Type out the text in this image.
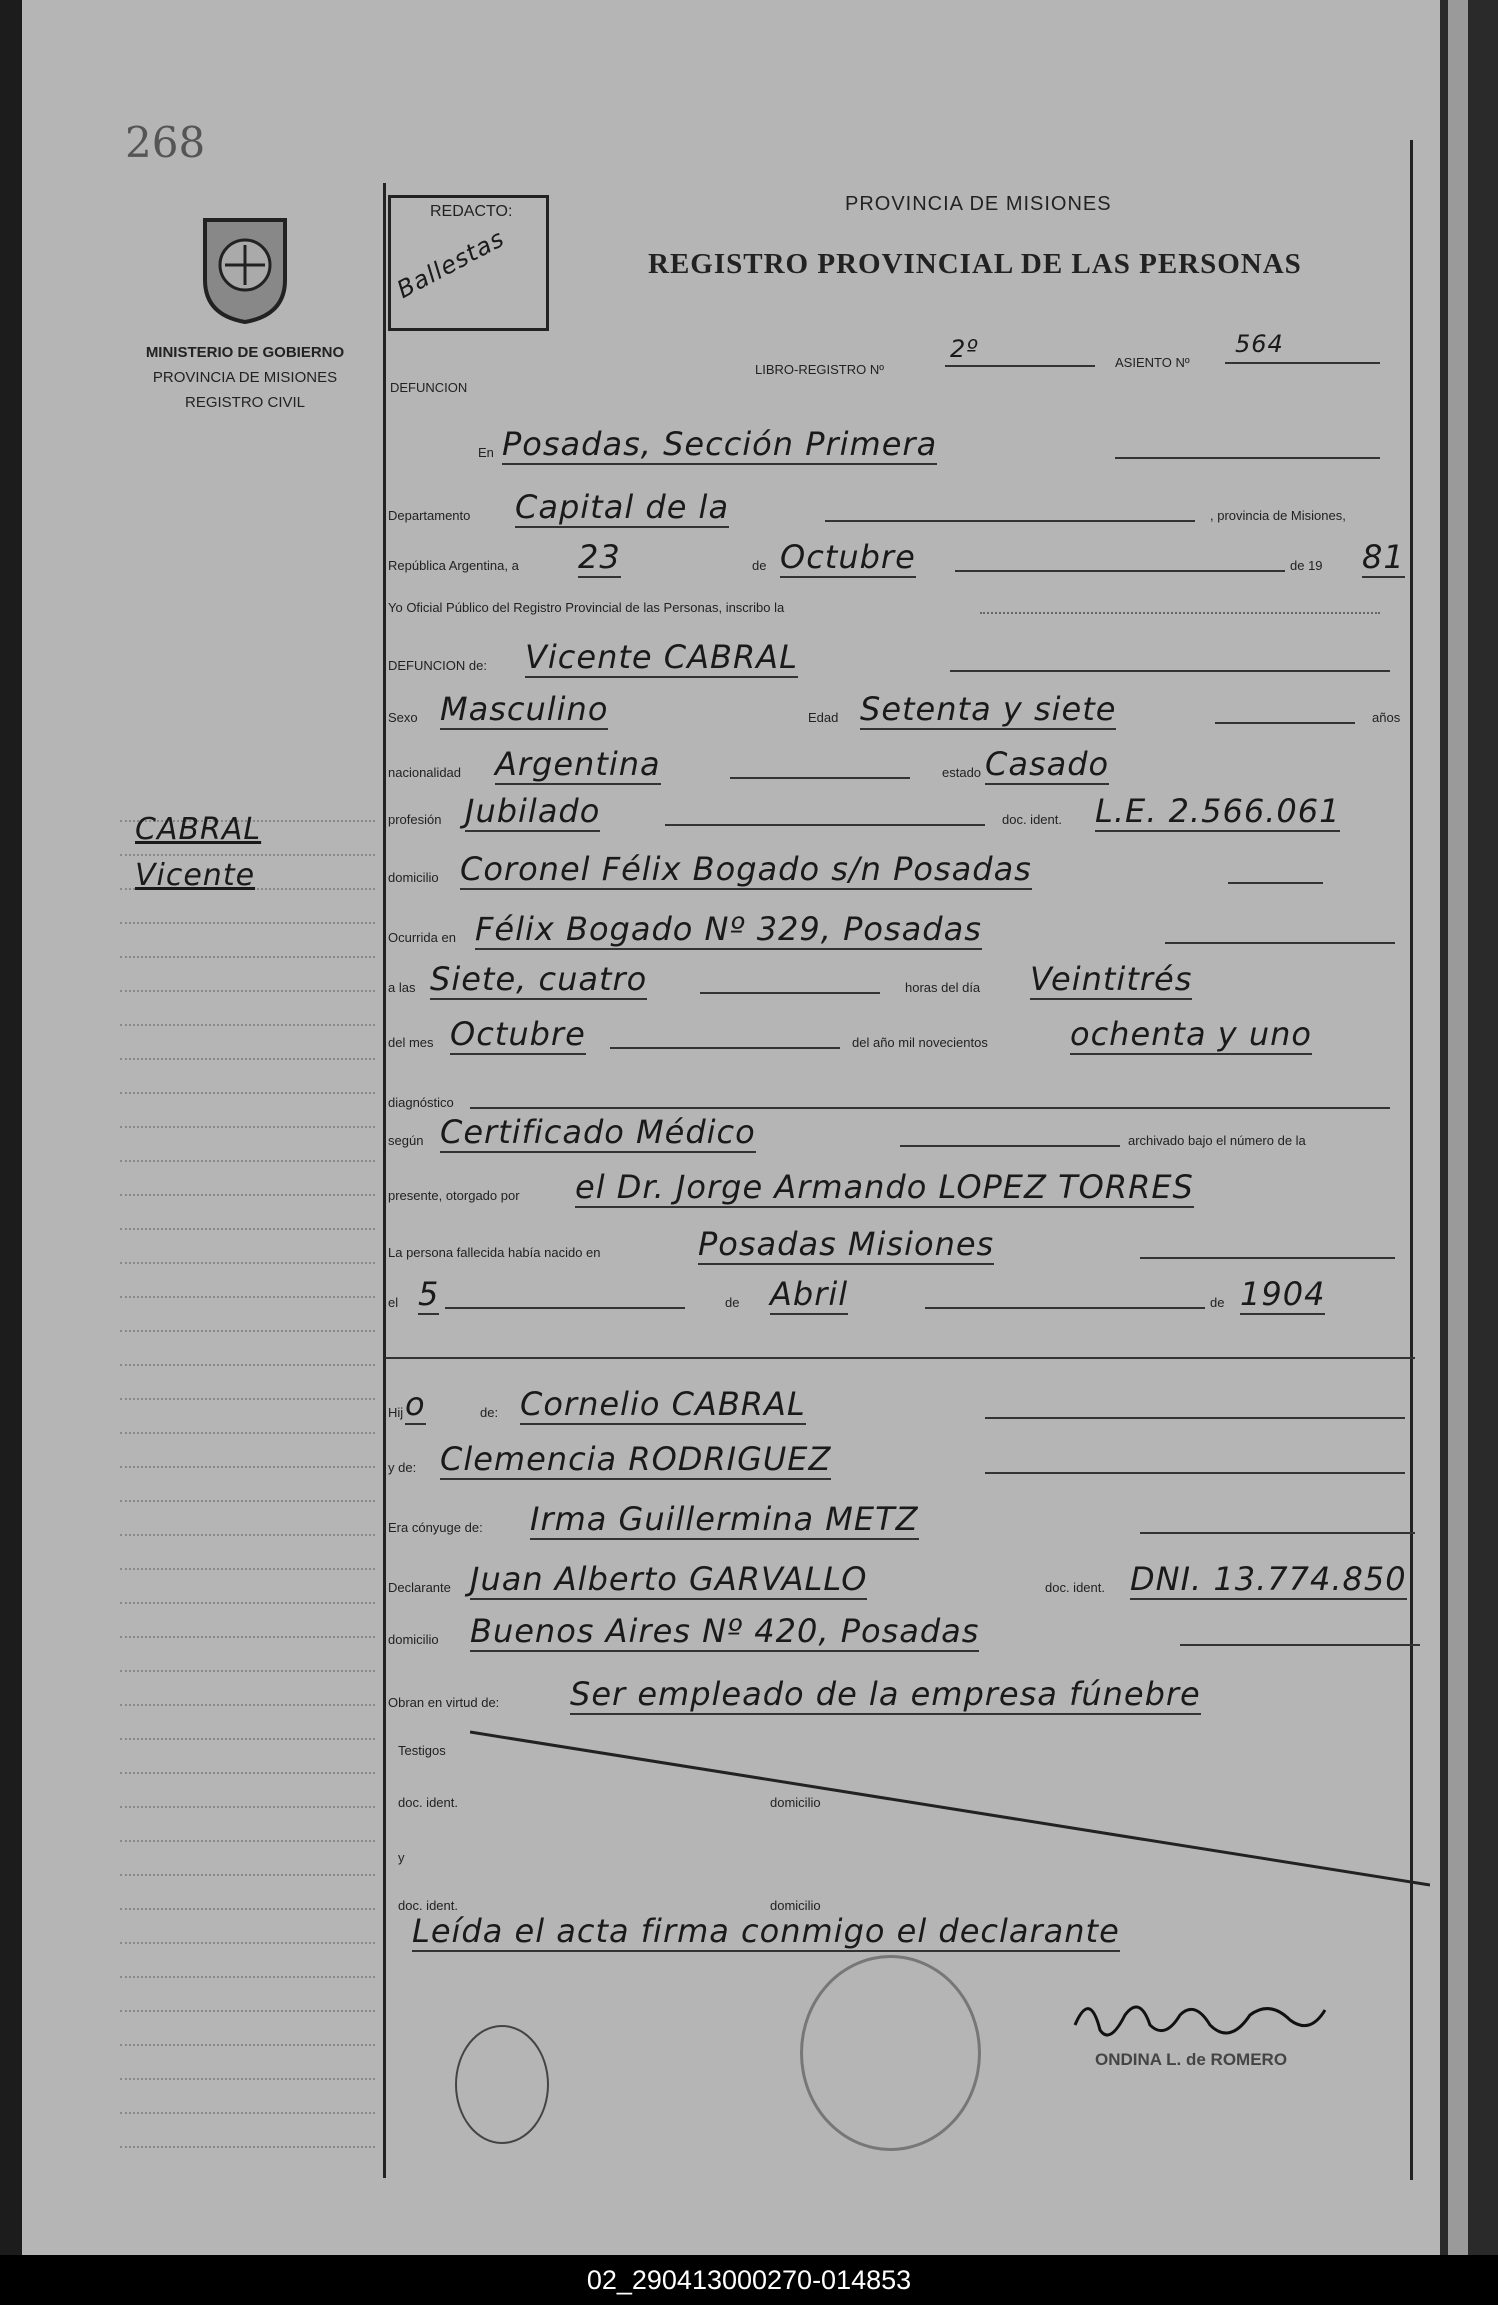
268
MINISTERIO DE GOBIERNO
PROVINCIA DE MISIONES
REGISTRO CIVIL
CABRAL
Vicente
REDACTO:
Ballestas
PROVINCIA DE MISIONES
REGISTRO PROVINCIAL DE LAS PERSONAS
LIBRO-REGISTRO Nº
2º	ASIENTO Nº
564
DEFUNCION
En Posadas, Sección Primera
Departamento Capital de la	, provincia de Misiones,
República Argentina, a 23	de Octubre	de 19 81
Yo Oficial Público del Registro Provincial de las Personas, inscribo la
DEFUNCION de: Vicente CABRAL
Sexo Masculino	Edad Setenta y siete	años
nacionalidad Argentina	estado Casado
profesión Jubilado	doc. ident. L.E. 2.566.061
domicilio Coronel Félix Bogado s/n Posadas
Ocurrida en Félix Bogado Nº 329, Posadas
a las Siete, cuatro	horas del día Veintitrés
del mes Octubre	del año mil novecientos	ochenta y uno
diagnóstico
según Certificado Médico	archivado bajo el número de la
presente, otorgado por el Dr. Jorge Armando LOPEZ TORRES
La persona fallecida había nacido en	Posadas Misiones
el 5	de Abril	de 1904
Hij o	de: Cornelio CABRAL
y de: Clemencia RODRIGUEZ
Era cónyuge de: Irma Guillermina METZ
Declarante Juan Alberto GARVALLO	doc. ident. DNI. 13.774.850
domicilio Buenos Aires Nº 420, Posadas
Obran en virtud de: Ser empleado de la empresa fúnebre
Testigos
doc. ident.	domicilio
y
doc. ident.	domicilio
Leída el acta firma conmigo el declarante
ONDINA L. de ROMERO
02_290413000270-014853
